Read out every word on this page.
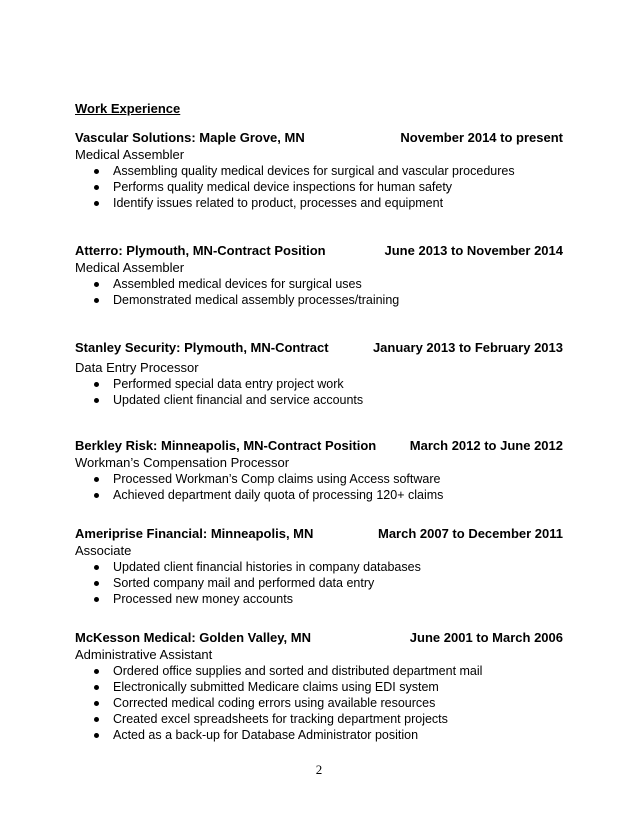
Work Experience
Vascular Solutions: Maple Grove, MN	November 2014 to present

Medical Assembler

Assembling quality medical devices for surgical and vascular procedures
Performs quality medical device inspections for human safety
Identify issues related to product, processes and equipment
Atterro: Plymouth, MN-Contract Position	June 2013 to November 2014

Medical Assembler

Assembled medical devices for surgical uses
Demonstrated medical assembly processes/training
Stanley Security: Plymouth, MN-Contract	January 2013 to February 2013

Data Entry Processor

Performed special data entry project work
Updated client financial and service accounts
Berkley Risk: Minneapolis, MN-Contract Position	March 2012 to June 2012

Workman’s Compensation Processor

Processed Workman’s Comp claims using Access software
Achieved department daily quota of processing 120+ claims
Ameriprise Financial: Minneapolis, MN	March 2007 to December 2011

Associate

Updated client financial histories in company databases
Sorted company mail and performed data entry
Processed new money accounts
McKesson Medical: Golden Valley, MN	June 2001 to March 2006

Administrative Assistant

Ordered office supplies and sorted and distributed department mail
Electronically submitted Medicare claims using EDI system
Corrected medical coding errors using available resources
Created excel spreadsheets for tracking department projects
Acted as a back-up for Database Administrator position
2
